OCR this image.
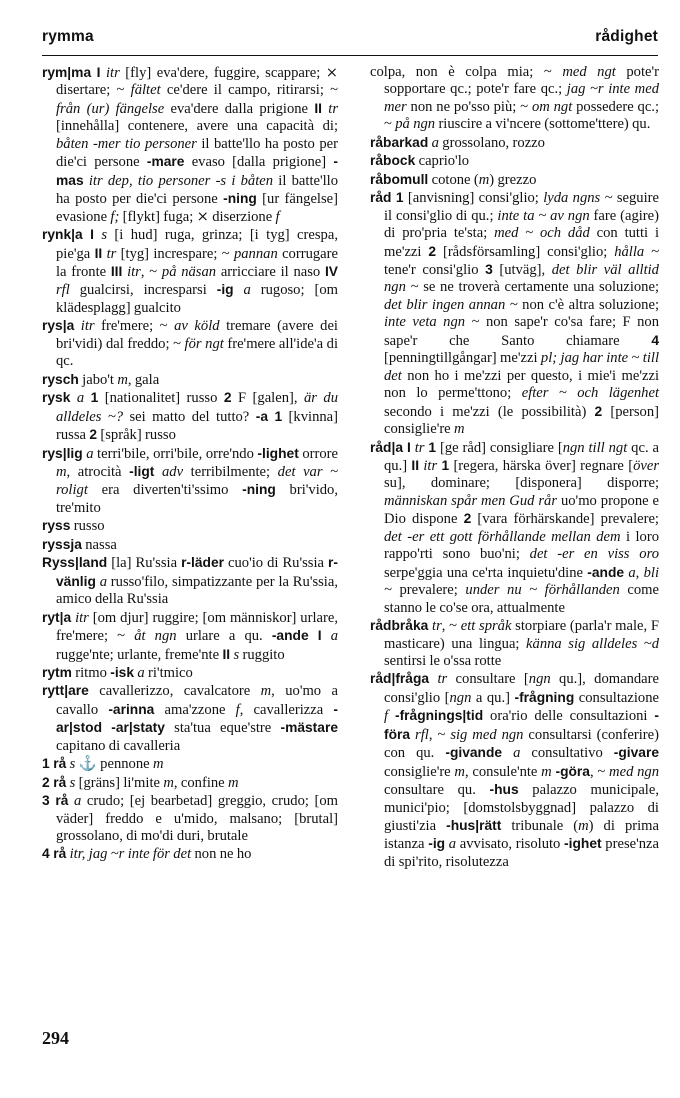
rymma	rådighet

rym|ma I itr [fly] eva'dere, fuggire, scappare; ⨯ disertare; ~ fältet ce'dere il campo, ritirarsi; ~ från (ur) fängelse eva'dere dalla prigione II tr [innehålla] contenere, avere una capacità di; båten -mer tio personer il batte'llo ha posto per die'ci persone -mare evaso [dalla prigione] -mas itr dep, tio personer -s i båten il batte'llo ha posto per die'ci persone -ning [ur fängelse] evasione f; [flykt] fuga; ⨯ diserzione f

rynk|a I s [i hud] ruga, grinza; [i tyg] crespa, pie'ga II tr [tyg] increspare; ~ pannan corrugare la fronte III itr, ~ på näsan arricciare il naso IV rfl gualcirsi, incresparsi -ig a rugoso; [om klädesplagg] gualcito

rys|a itr fre'mere; ~ av köld tremare (avere dei bri'vidi) dal freddo; ~ för ngt fre'mere all'ide'a di qc.

rysch jabo't m, gala

rysk a 1 [nationalitet] russo 2 F [galen], är du alldeles ~? sei matto del tutto? -a 1 [kvinna] russa 2 [språk] russo

rys|lig a terri'bile, orri'bile, orre'ndo -lighet orrore m, atrocità -ligt adv terribilmente; det var ~ roligt era diverten'ti'ssimo -ning bri'vido, tre'mito

ryss russo

ryssja nassa

Ryss|land [la] Ru'ssia r-läder cuo'io di Ru'ssia r-vänlig a russo'filo, simpatizzante per la Ru'ssia, amico della Ru'ssia

ryt|a itr [om djur] ruggire; [om människor] urlare, fre'mere; ~ åt ngn urlare a qu. -ande I a rugge'nte; urlante, freme'nte II s ruggito

rytm ritmo -isk a ri'tmico

rytt|are cavallerizzo, cavalcatore m, uo'mo a cavallo -arinna ama'zzone f, cavallerizza -ar|stod -ar|staty sta'tua eque'stre -mästare capitano di cavalleria

1 rå s ⚓ pennone m

2 rå s [gräns] li'mite m, confine m

3 rå a crudo; [ej bearbetad] greggio, crudo; [om väder] freddo e u'mido, malsano; [brutal] grossolano, di mo'di duri, brutale

4 rå itr, jag ~r inte för det non ne ho

colpa, non è colpa mia; ~ med ngt pote'r sopportare qc.; pote'r fare qc.; jag ~r inte med mer non ne po'sso più; ~ om ngt possedere qc.; ~ på ngn riuscire a vi'ncere (sottome'ttere) qu.

råbarkad a grossolano, rozzo

råbock caprio'lo

råbomull cotone (m) grezzo

råd 1 [anvisning] consi'glio; lyda ngns ~ seguire il consi'glio di qu.; inte ta ~ av ngn fare (agire) di pro'pria te'sta; med ~ och dåd con tutti i me'zzi 2 [rådsförsamling] consi'glio; hålla ~ tene'r consi'glio 3 [utväg], det blir väl alltid ngn ~ se ne troverà certamente una soluzione; det blir ingen annan ~ non c'è altra soluzione; inte veta ngn ~ non sape'r co'sa fare; F non sape'r che Santo chiamare 4 [penningtillgångar] me'zzi pl; jag har inte ~ till det non ho i me'zzi per questo, i mie'i me'zzi non lo perme'ttono; efter ~ och lägenhet secondo i me'zzi (le possibilità) 2 [person] consiglie're m

råd|a I tr 1 [ge råd] consigliare [ngn till ngt qc. a qu.] II itr 1 [regera, härska över] regnare [över su], dominare; [disponera] disporre; människan spår men Gud rår uo'mo propone e Dio dispone 2 [vara förhärskande] prevalere; det -er ett gott förhållande mellan dem i loro rappo'rti sono buo'ni; det -er en viss oro serpe'ggia una ce'rta inquietu'dine -ande a, bli ~ prevalere; under nu ~ förhållanden come stanno le co'se ora, attualmente

rådbråka tr, ~ ett språk storpiare (parla'r male, F masticare) una lingua; känna sig alldeles ~d sentirsi le o'ssa rotte

råd|fråga tr consultare [ngn qu.], domandare consi'glio [ngn a qu.] -frågning consultazione f -frågnings|tid ora'rio delle consultazioni -föra rfl, ~ sig med ngn consultarsi (conferire) con qu. -givande a consultativo -givare consiglie're m, consule'nte m -göra, ~ med ngn consultare qu. -hus palazzo municipale, munici'pio; [domstolsbyggnad] palazzo di giusti'zia -hus|rätt tribunale (m) di prima istanza -ig a avvisato, risoluto -ighet prese'nza di spi'rito, risolutezza

294
